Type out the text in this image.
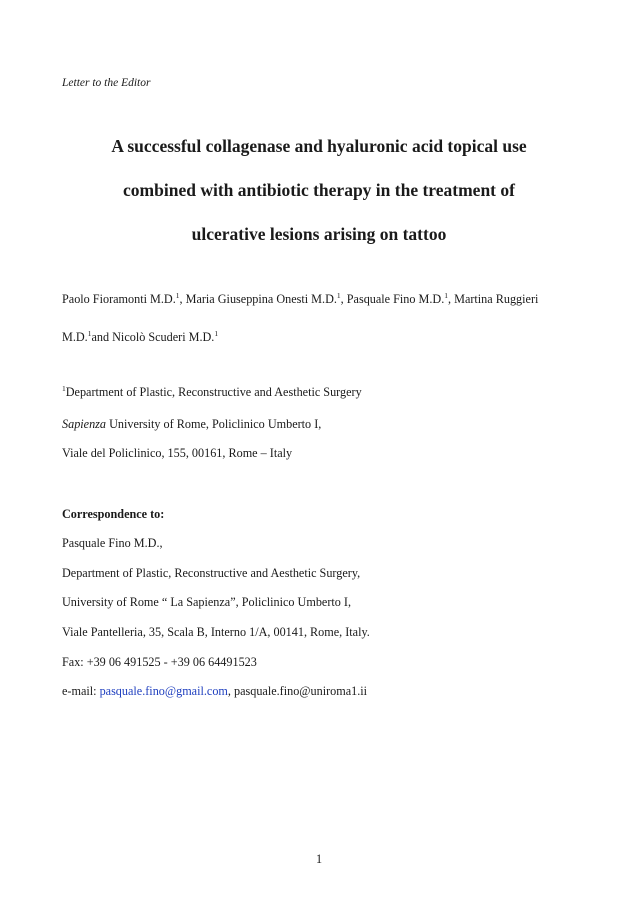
Letter to the Editor
A successful collagenase and hyaluronic acid topical use
combined with antibiotic therapy in the treatment of
ulcerative lesions arising on tattoo
Paolo Fioramonti M.D.$^1$, Maria Giuseppina Onesti M.D.$^1$, Pasquale Fino M.D.$^1$, Martina Ruggieri
M.D.$^1$and Nicolò Scuderi M.D.$^1$
$^1$Department of Plastic, Reconstructive and Aesthetic Surgery
Sapienza University of Rome, Policlinico Umberto I,
Viale del Policlinico, 155, 00161, Rome – Italy
Correspondence to:
Pasquale Fino M.D.,
Department of Plastic, Reconstructive and Aesthetic Surgery,
University of Rome “ La Sapienza”, Policlinico Umberto I,
Viale Pantelleria, 35, Scala B, Interno 1/A, 00141, Rome, Italy.
Fax: +39 06 491525 - +39 06 64491523
e-mail: pasquale.fino@gmail.com, pasquale.fino@uniroma1.ii
1
